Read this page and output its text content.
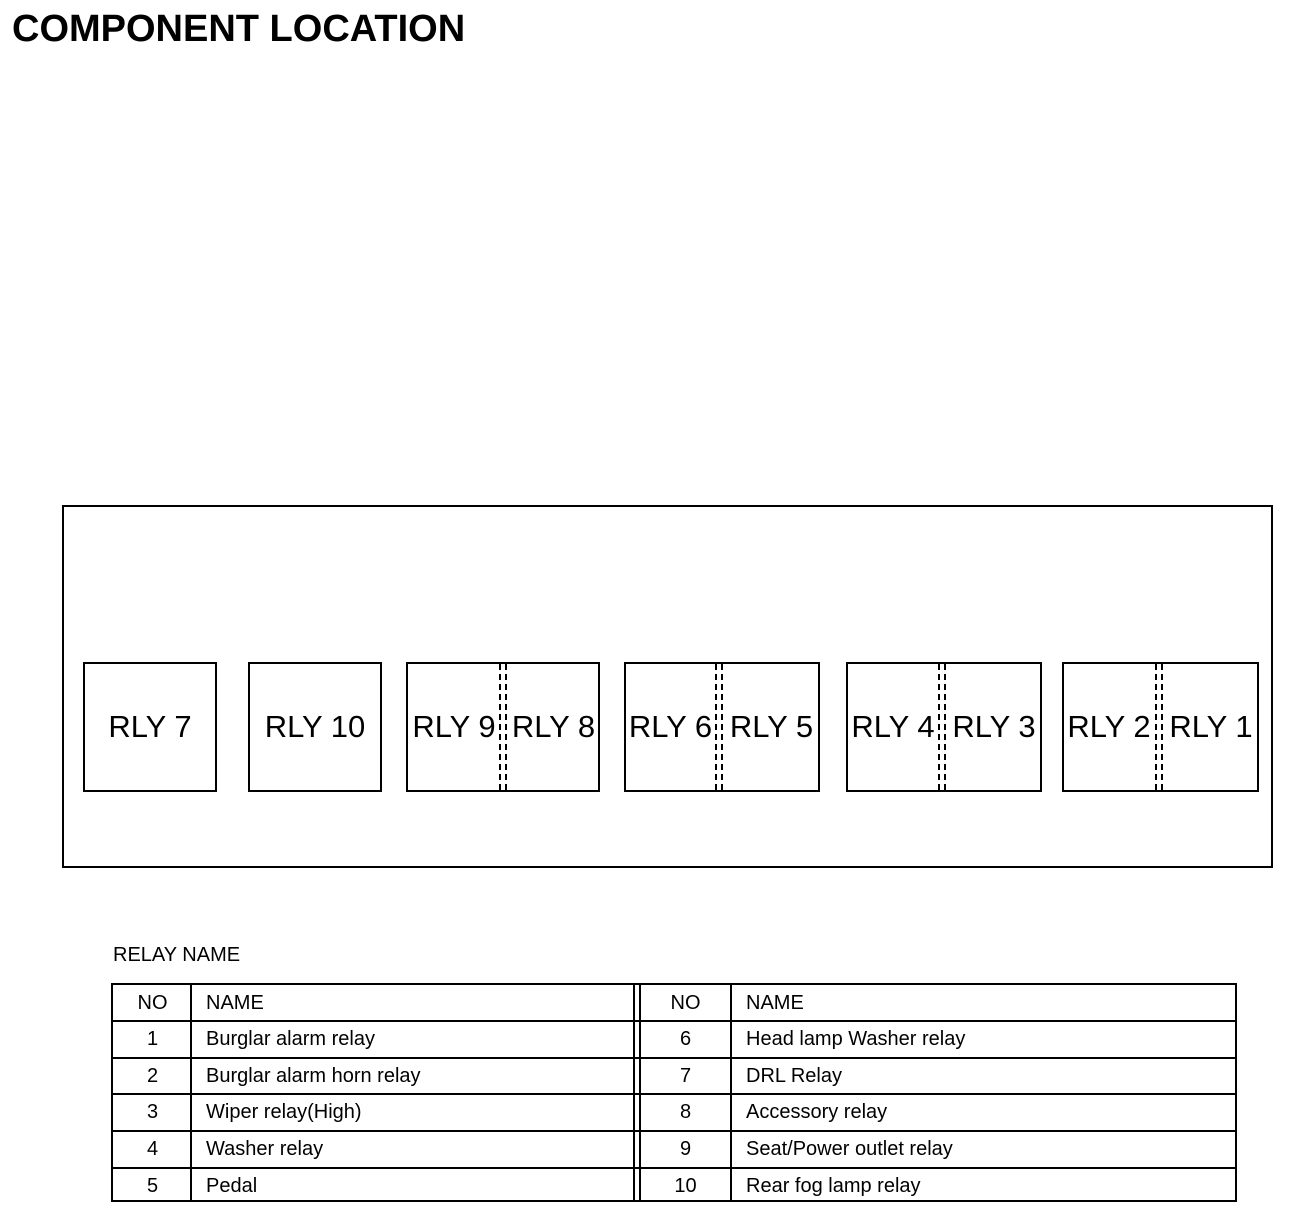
COMPONENT LOCATION
RLY 7	RLY 10	RLY 9 RLY 8 RLY 6 RLY 5 RLY 4 RLY 3 RLY 2 RLY 1
RELAY NAME
NO	NAME	NO	NAME
1	Burglar alarm relay	6	Head lamp Washer relay
2	Burglar alarm horn relay	7	DRL Relay
3	Wiper relay(High)	8	Accessory relay
4	Washer relay	9	Seat/Power outlet relay
5	Pedal	10	Rear fog lamp relay
